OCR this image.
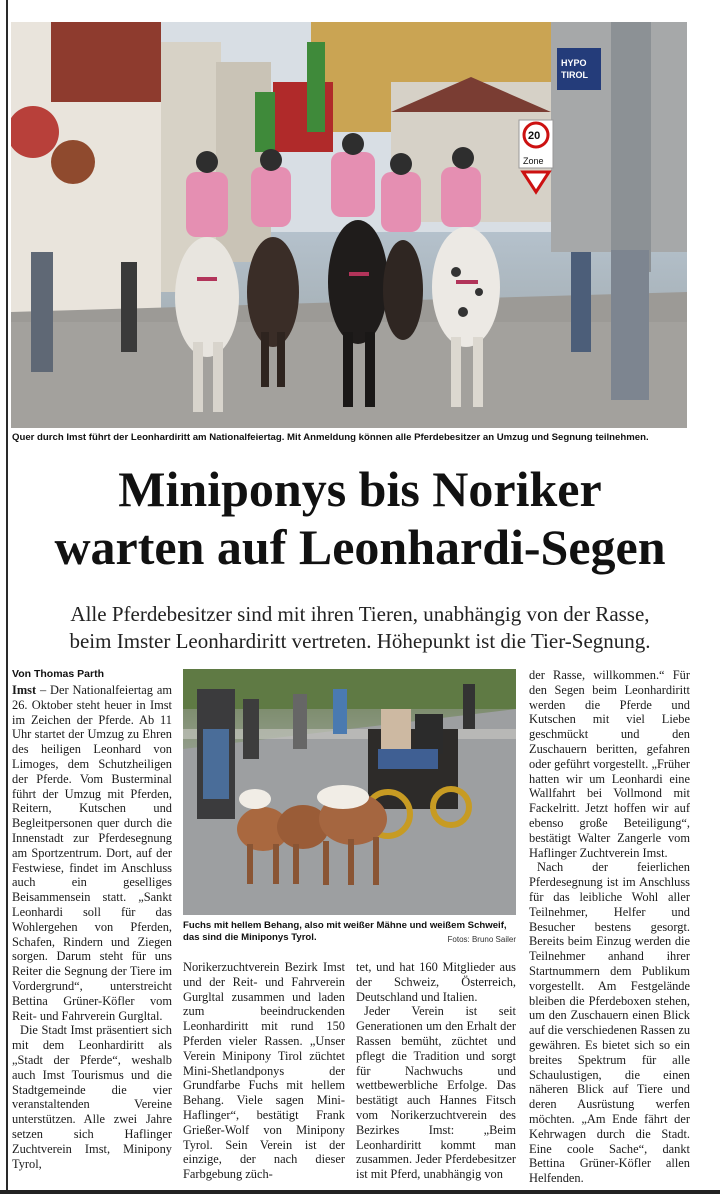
HYPO
TIROL
20
Zone
Quer durch Imst führt der Leonhardiritt am Nationalfeiertag. Mit Anmeldung können alle Pferdebesitzer an Umzug und Segnung teilnehmen.
Miniponys bis Noriker
warten auf Leonhardi-Segen
Alle Pferdebesitzer sind mit ihren Tieren, unabhängig von der Rasse,
beim Imster Leonhardiritt vertreten. Höhepunkt ist die Tier-Segnung.
Von Thomas Parth

Imst – Der Nationalfeiertag am 26. Oktober steht heuer in Imst im Zeichen der Pferde. Ab 11 Uhr startet der Umzug zu Ehren des heiligen Leonhard von Limoges, dem Schutzheiligen der Pferde. Vom Busterminal führt der Umzug mit Pferden, Reitern, Kutschen und Begleitpersonen quer durch die Innenstadt zur Pferdesegnung am Sportzentrum. Dort, auf der Festwiese, findet im Anschluss auch ein geselliges Beisammensein statt. „Sankt Leonhardi soll für das Wohlergehen von Pferden, Schafen, Rindern und Ziegen sorgen. Darum steht für uns Reiter die Segnung der Tiere im Vordergrund“, unterstreicht Bettina Grüner-Köfler vom Reit- und Fahrverein Gurgltal.

Die Stadt Imst präsentiert sich mit dem Leonhardiritt als „Stadt der Pferde“, weshalb auch Imst Tourismus und die Stadtgemeinde die vier veranstaltenden Vereine unterstützen. Alle zwei Jahre setzen sich Haflinger Zuchtverein Imst, Minipony Tyrol,

Fuchs mit hellem Behang, also mit weißer Mähne und weißem Schweif, das sind die Miniponys Tyrol.	Fotos: Bruno Sailer

Norikerzuchtverein Bezirk Imst und der Reit- und Fahrverein Gurgltal zusammen und laden zum beeindruckenden Leonhardiritt mit rund 150 Pferden vieler Rassen. „Unser Verein Minipony Tirol züchtet Mini-Shetlandponys der Grundfarbe Fuchs mit hellem Behang. Viele sagen Mini-Haflinger“, bestätigt Frank Grießer-Wolf von Minipony Tyrol. Sein Verein ist der einzige, der nach dieser Farbgebung züch-

tet, und hat 160 Mitglieder aus der Schweiz, Österreich, Deutschland und Italien.

Jeder Verein ist seit Generationen um den Erhalt der Rassen bemüht, züchtet und pflegt die Tradition und sorgt für Nachwuchs und wettbewerbliche Erfolge. Das bestätigt auch Hannes Fitsch vom Norikerzuchtverein des Bezirkes Imst: „Beim Leonhardiritt kommt man zusammen. Jeder Pferdebesitzer ist mit Pferd, unabhängig von

der Rasse, willkommen.“ Für den Segen beim Leonhardiritt werden die Pferde und Kutschen mit viel Liebe geschmückt und den Zuschauern beritten, gefahren oder geführt vorgestellt. „Früher hatten wir um Leonhardi eine Wallfahrt bei Vollmond mit Fackelritt. Jetzt hoffen wir auf ebenso große Beteiligung“, bestätigt Walter Zangerle vom Haflinger Zuchtverein Imst.

Nach der feierlichen Pferdesegnung ist im Anschluss für das leibliche Wohl aller Teilnehmer, Helfer und Besucher bestens gesorgt. Bereits beim Einzug werden die Teilnehmer anhand ihrer Startnummern dem Publikum vorgestellt. Am Festgelände bleiben die Pferdeboxen stehen, um den Zuschauern einen Blick auf die verschiedenen Rassen zu gewähren. Es bietet sich so ein breites Spektrum für alle Schaulustigen, die einen näheren Blick auf Tiere und deren Ausrüstung werfen möchten. „Am Ende fährt der Kehrwagen durch die Stadt. Eine coole Sache“, dankt Bettina Grüner-Köfler allen Helfenden.
